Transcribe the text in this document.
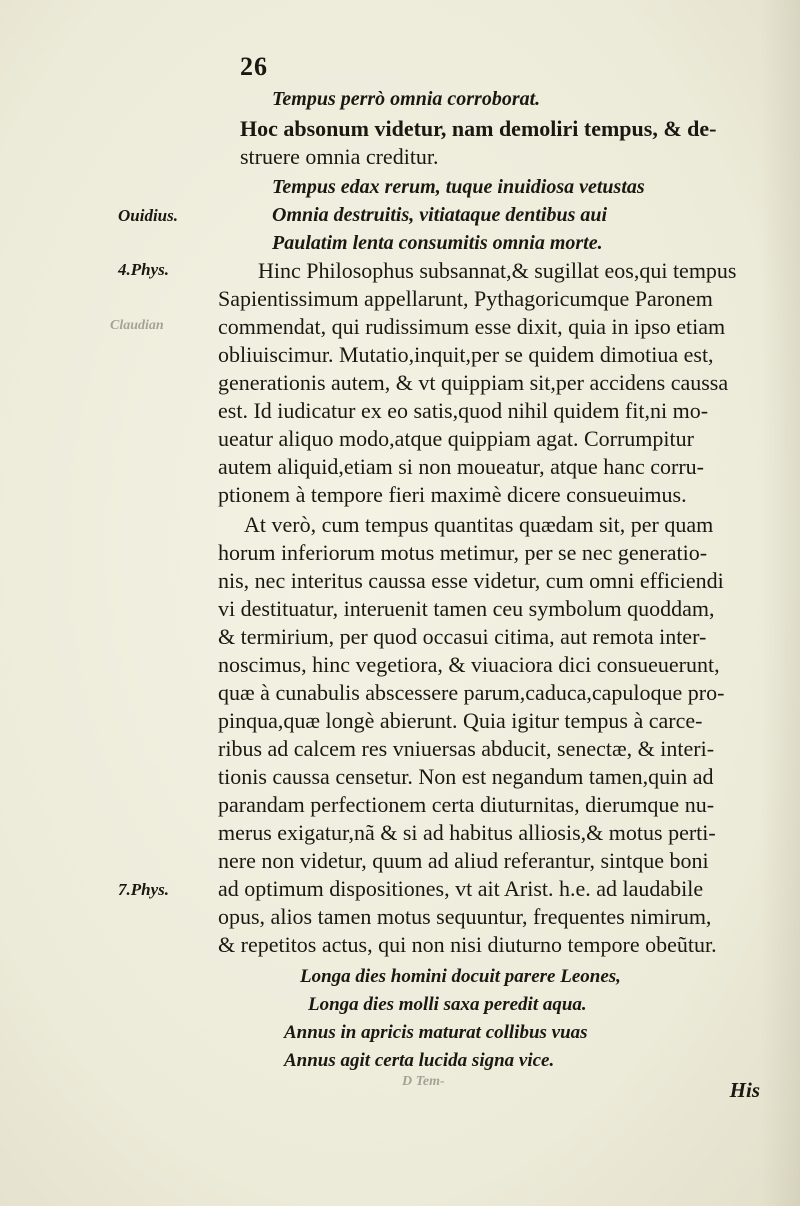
26
Tempus perrò omnia corroborat.
Hoc absonum videtur, nam demoliri tempus, & de-
struere omnia creditur.
Tempus edax rerum, tuque inuidiosa vetustas
Omnia destruitis, vitiataque dentibus aui
Paulatim lenta consumitis omnia morte.
Hinc Philosophus subsannat,& sugillat eos,qui tempus
Sapientissimum appellarunt, Pythagoricumque Paronem
commendat, qui rudissimum esse dixit, quia in ipso etiam
obliuiscimur. Mutatio,inquit,per se quidem dimotiua est,
generationis autem, & vt quippiam sit,per accidens caussa
est. Id iudicatur ex eo satis,quod nihil quidem fit,ni mo-
ueatur aliquo modo,atque quippiam agat. Corrumpitur
autem aliquid,etiam si non moueatur, atque hanc corru-
ptionem à tempore fieri maximè dicere consueuimus.
At verò, cum tempus quantitas quædam sit, per quam
horum inferiorum motus metimur, per se nec generatio-
nis, nec interitus caussa esse videtur, cum omni efficiendi
vi destituatur, interuenit tamen ceu symbolum quoddam,
& termirium, per quod occasui citima, aut remota inter-
noscimus, hinc vegetiora, & viuaciora dici consueuerunt,
quæ à cunabulis abscessere parum,caduca,capuloque pro-
pinqua,quæ longè abierunt. Quia igitur tempus à carce-
ribus ad calcem res vniuersas abducit, senectæ, & interi-
tionis caussa censetur. Non est negandum tamen,quin ad
parandam perfectionem certa diuturnitas, dierumque nu-
merus exigatur,nã & si ad habitus alliosis,& motus perti-
nere non videtur, quum ad aliud referantur, sintque boni
ad optimum dispositiones, vt ait Arist. h.e. ad laudabile
opus, alios tamen motus sequuntur, frequentes nimirum,
& repetitos actus, qui non nisi diuturno tempore obeũtur.
Longa dies homini docuit parere Leones,
Longa dies molli saxa peredit aqua.
Annus in apricis maturat collibus vuas
Annus agit certa lucida signa vice.
His
Ouidius.
4.Phys.
7.Phys.
Claudian
D Tem-
